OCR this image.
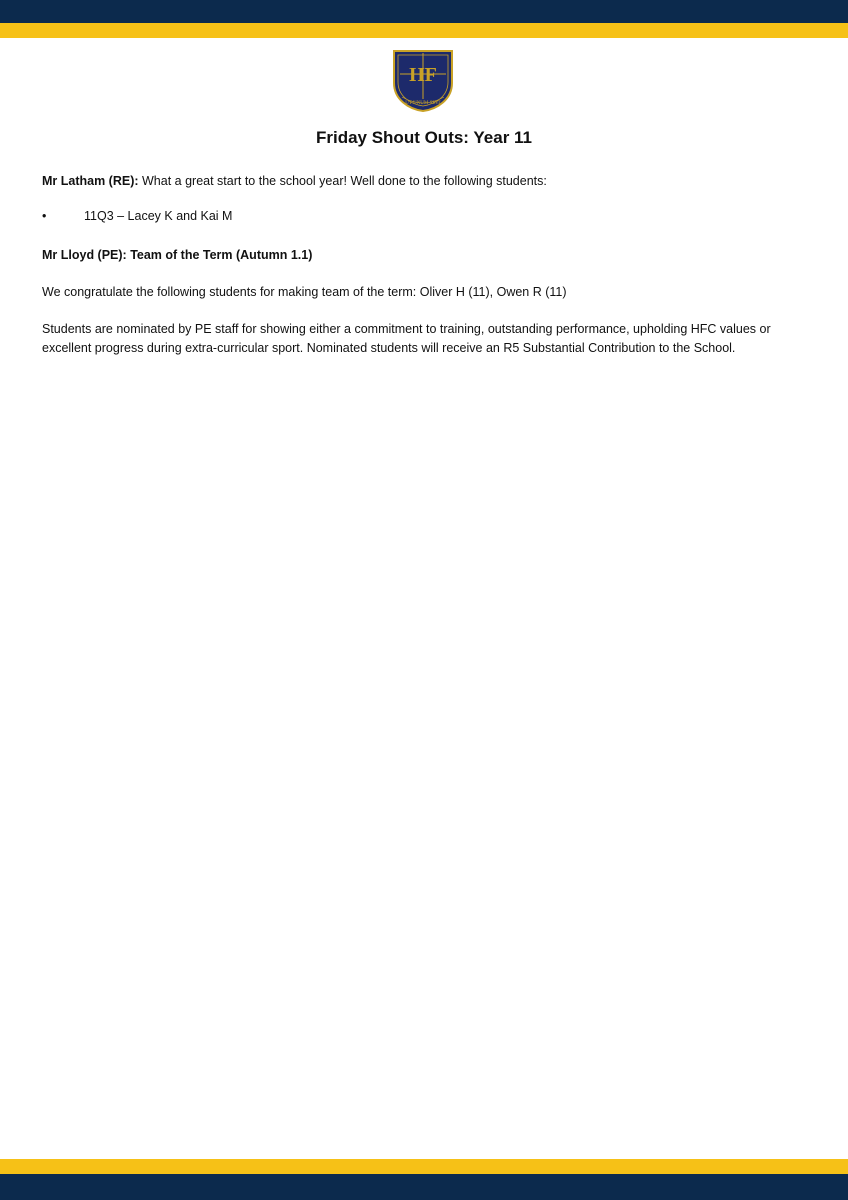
HF
UT UNUM SINT
Friday Shout Outs: Year 11

Mr Latham (RE): What a great start to the school year! Well done to the following students:

•	11Q3 – Lacey K and Kai M

Mr Lloyd (PE): Team of the Term (Autumn 1.1)

We congratulate the following students for making team of the term: Oliver H (11), Owen R (11)

Students are nominated by PE staff for showing either a commitment to training, outstanding performance, upholding HFC values or excellent progress during extra-curricular sport. Nominated students will receive an R5 Substantial Contribution to the School.
